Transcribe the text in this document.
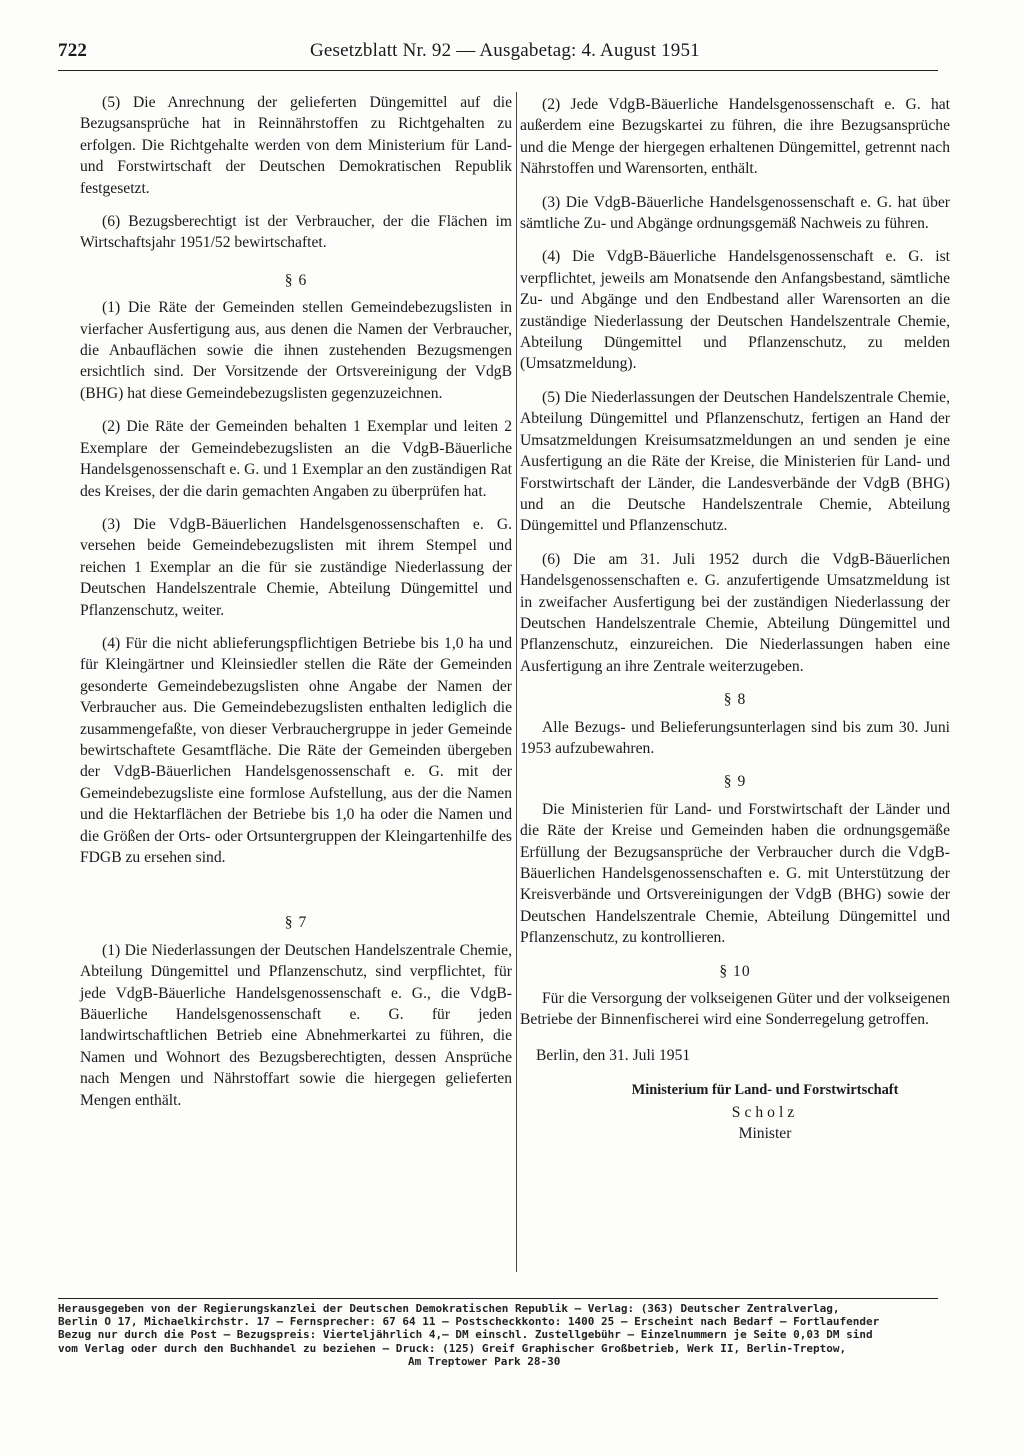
722	Gesetzblatt Nr. 92 — Ausgabetag: 4. August 1951

(5) Die Anrechnung der gelieferten Düngemittel auf die Bezugsansprüche hat in Reinnährstoffen zu Richtgehalten zu erfolgen. Die Richtgehalte werden von dem Ministerium für Land- und Forstwirtschaft der Deutschen Demokratischen Republik festgesetzt.

(6) Bezugsberechtigt ist der Verbraucher, der die Flächen im Wirtschaftsjahr 1951/52 bewirtschaftet.

§ 6

(1) Die Räte der Gemeinden stellen Gemeindebezugslisten in vierfacher Ausfertigung aus, aus denen die Namen der Verbraucher, die Anbauflächen sowie die ihnen zustehenden Bezugsmengen ersichtlich sind. Der Vorsitzende der Ortsvereinigung der VdgB (BHG) hat diese Gemeindebezugslisten gegenzuzeichnen.

(2) Die Räte der Gemeinden behalten 1 Exemplar und leiten 2 Exemplare der Gemeindebezugslisten an die VdgB-Bäuerliche Handelsgenossenschaft e. G. und 1 Exemplar an den zuständigen Rat des Kreises, der die darin gemachten Angaben zu überprüfen hat.

(3) Die VdgB-Bäuerlichen Handelsgenossenschaften e. G. versehen beide Gemeindebezugslisten mit ihrem Stempel und reichen 1 Exemplar an die für sie zuständige Niederlassung der Deutschen Handelszentrale Chemie, Abteilung Düngemittel und Pflanzenschutz, weiter.

(4) Für die nicht ablieferungspflichtigen Betriebe bis 1,0 ha und für Kleingärtner und Kleinsiedler stellen die Räte der Gemeinden gesonderte Gemeindebezugslisten ohne Angabe der Namen der Verbraucher aus. Die Gemeindebezugslisten enthalten lediglich die zusammengefaßte, von dieser Verbrauchergruppe in jeder Gemeinde bewirtschaftete Gesamtfläche. Die Räte der Gemeinden übergeben der VdgB-Bäuerlichen Handelsgenossenschaft e. G. mit der Gemeindebezugsliste eine formlose Aufstellung, aus der die Namen und die Hektarflächen der Betriebe bis 1,0 ha oder die Namen und die Größen der Orts- oder Ortsuntergruppen der Kleingartenhilfe des FDGB zu ersehen sind.

§ 7

(1) Die Niederlassungen der Deutschen Handelszentrale Chemie, Abteilung Düngemittel und Pflanzenschutz, sind verpflichtet, für jede VdgB-Bäuerliche Handelsgenossenschaft e. G., die VdgB-Bäuerliche Handelsgenossenschaft e. G. für jeden landwirtschaftlichen Betrieb eine Abnehmerkartei zu führen, die Namen und Wohnort des Bezugsberechtigten, dessen Ansprüche nach Mengen und Nährstoffart sowie die hiergegen gelieferten Mengen enthält.

(2) Jede VdgB-Bäuerliche Handelsgenossenschaft e. G. hat außerdem eine Bezugskartei zu führen, die ihre Bezugsansprüche und die Menge der hiergegen erhaltenen Düngemittel, getrennt nach Nährstoffen und Warensorten, enthält.

(3) Die VdgB-Bäuerliche Handelsgenossenschaft e. G. hat über sämtliche Zu- und Abgänge ordnungsgemäß Nachweis zu führen.

(4) Die VdgB-Bäuerliche Handelsgenossenschaft e. G. ist verpflichtet, jeweils am Monatsende den Anfangsbestand, sämtliche Zu- und Abgänge und den Endbestand aller Warensorten an die zuständige Niederlassung der Deutschen Handelszentrale Chemie, Abteilung Düngemittel und Pflanzenschutz, zu melden (Umsatzmeldung).

(5) Die Niederlassungen der Deutschen Handelszentrale Chemie, Abteilung Düngemittel und Pflanzenschutz, fertigen an Hand der Umsatzmeldungen Kreisumsatzmeldungen an und senden je eine Ausfertigung an die Räte der Kreise, die Ministerien für Land- und Forstwirtschaft der Länder, die Landesverbände der VdgB (BHG) und an die Deutsche Handelszentrale Chemie, Abteilung Düngemittel und Pflanzenschutz.

(6) Die am 31. Juli 1952 durch die VdgB-Bäuerlichen Handelsgenossenschaften e. G. anzufertigende Umsatzmeldung ist in zweifacher Ausfertigung bei der zuständigen Niederlassung der Deutschen Handelszentrale Chemie, Abteilung Düngemittel und Pflanzenschutz, einzureichen. Die Niederlassungen haben eine Ausfertigung an ihre Zentrale weiterzugeben.

§ 8

Alle Bezugs- und Belieferungsunterlagen sind bis zum 30. Juni 1953 aufzubewahren.

§ 9

Die Ministerien für Land- und Forstwirtschaft der Länder und die Räte der Kreise und Gemeinden haben die ordnungsgemäße Erfüllung der Bezugsansprüche der Verbraucher durch die VdgB-Bäuerlichen Handelsgenossenschaften e. G. mit Unterstützung der Kreisverbände und Ortsvereinigungen der VdgB (BHG) sowie der Deutschen Handelszentrale Chemie, Abteilung Düngemittel und Pflanzenschutz, zu kontrollieren.

§ 10

Für die Versorgung der volkseigenen Güter und der volkseigenen Betriebe der Binnenfischerei wird eine Sonderregelung getroffen.

Berlin, den 31. Juli 1951

Ministerium für Land- und Forstwirtschaft

Scholz

Minister

Herausgegeben von der Regierungskanzlei der Deutschen Demokratischen Republik — Verlag: (363) Deutscher Zentralverlag,
Berlin O 17, Michaelkirchstr. 17 — Fernsprecher: 67 64 11 — Postscheckkonto: 1400 25 — Erscheint nach Bedarf — Fortlaufender
Bezug nur durch die Post — Bezugspreis: Vierteljährlich 4,— DM einschl. Zustellgebühr — Einzelnummern je Seite 0,03 DM sind
vom Verlag oder durch den Buchhandel zu beziehen — Druck: (125) Greif Graphischer Großbetrieb, Werk II, Berlin-Treptow,
Am Treptower Park 28-30
